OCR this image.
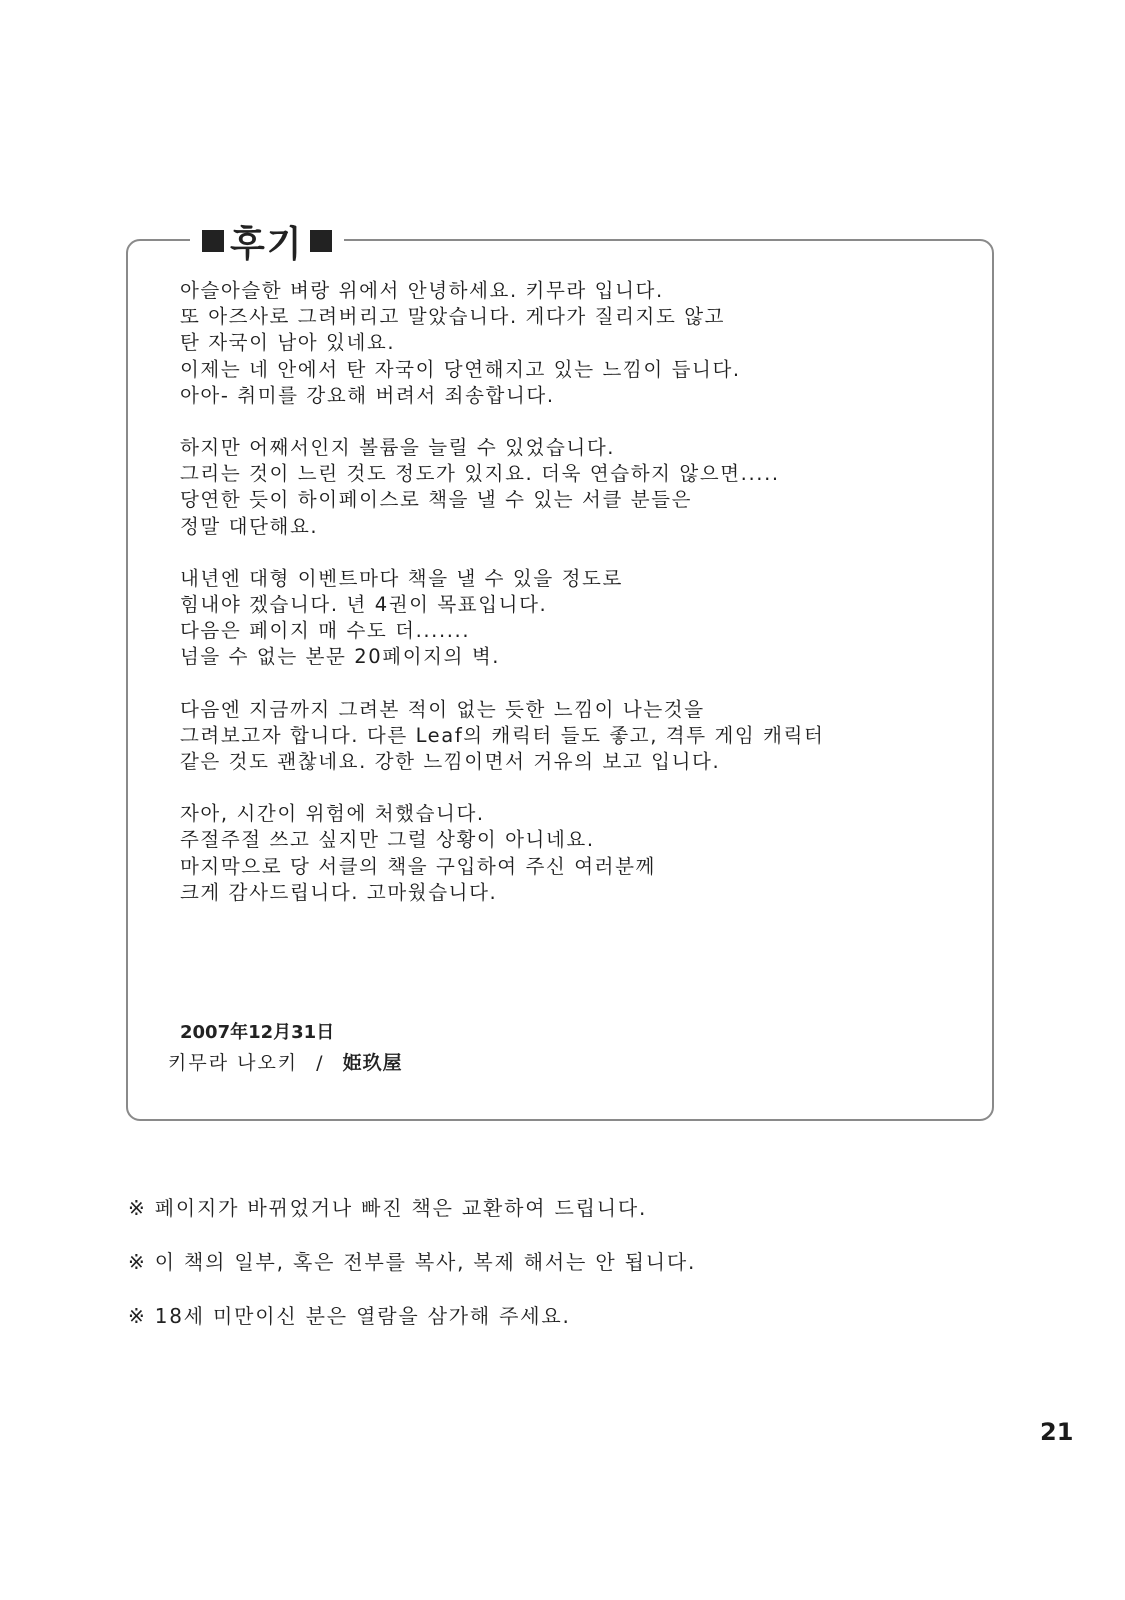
후기
아슬아슬한 벼랑 위에서 안녕하세요. 키무라 입니다.
또 아즈사로 그려버리고 말았습니다. 게다가 질리지도 않고
탄 자국이 남아 있네요.
이제는 네 안에서 탄 자국이 당연해지고 있는 느낌이 듭니다.
아아- 취미를 강요해 버려서 죄송합니다.
하지만 어째서인지 볼륨을 늘릴 수 있었습니다.
그리는 것이 느린 것도 정도가 있지요. 더욱 연습하지 않으면.....
당연한 듯이 하이페이스로 책을 낼 수 있는 서클 분들은
정말 대단해요.
내년엔 대형 이벤트마다 책을 낼 수 있을 정도로
힘내야 겠습니다. 년 4권이 목표입니다.
다음은 페이지 매 수도 더.......
넘을 수 없는 본문 20페이지의 벽.
다음엔 지금까지 그려본 적이 없는 듯한 느낌이 나는것을
그려보고자 합니다. 다른 Leaf의 캐릭터 들도 좋고, 격투 게임 캐릭터
같은 것도 괜찮네요. 강한 느낌이면서 거유의 보고 입니다.
자아, 시간이 위험에 처했습니다.
주절주절 쓰고 싶지만 그럴 상황이 아니네요.
마지막으로 당 서클의 책을 구입하여 주신 여러분께
크게 감사드립니다. 고마웠습니다.
2007年12月31日
키무라 나오키 / 姫玖屋
※ 페이지가 바뀌었거나 빠진 책은 교환하여 드립니다.
※ 이 책의 일부, 혹은 전부를 복사, 복제 해서는 안 됩니다.
※ 18세 미만이신 분은 열람을 삼가해 주세요.
21
